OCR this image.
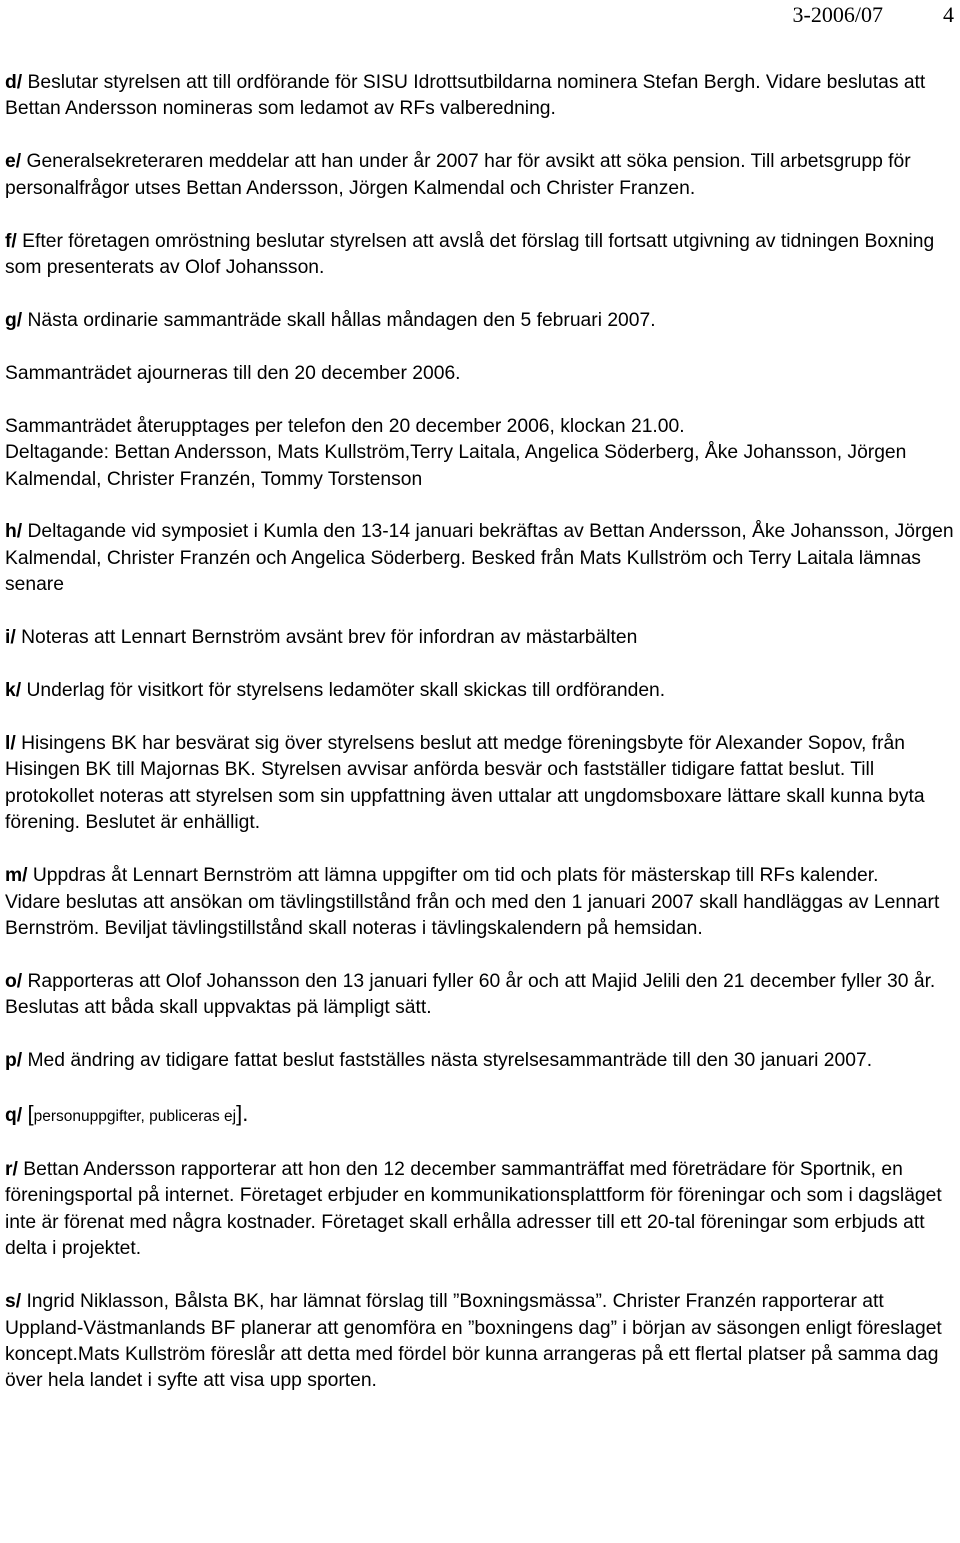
3-2006/07	4

d/ Beslutar styrelsen att till ordförande för SISU Idrottsutbildarna nominera Stefan Bergh. Vidare beslutas att Bettan Andersson nomineras som ledamot av RFs valberedning.

e/ Generalsekreteraren meddelar att han under år 2007 har för avsikt att söka pension. Till arbetsgrupp för personalfrågor utses Bettan Andersson, Jörgen Kalmendal och Christer Franzen.

f/ Efter företagen omröstning beslutar styrelsen att avslå det förslag till fortsatt utgivning av tidningen Boxning som presenterats av Olof Johansson.

g/ Nästa ordinarie sammanträde skall hållas måndagen den 5 februari 2007.

Sammanträdet ajourneras till den 20 december 2006.

Sammanträdet återupptages per telefon den 20 december 2006, klockan 21.00.

Deltagande: Bettan Andersson, Mats Kullström,Terry Laitala, Angelica Söderberg, Åke Johansson, Jörgen Kalmendal, Christer Franzén, Tommy Torstenson

h/ Deltagande vid symposiet i Kumla den 13-14 januari bekräftas av Bettan Andersson, Åke Johansson, Jörgen Kalmendal, Christer Franzén och Angelica Söderberg. Besked från Mats Kullström och Terry Laitala lämnas senare

i/ Noteras att Lennart Bernström avsänt brev för infordran av mästarbälten

k/ Underlag för visitkort för styrelsens ledamöter skall skickas till ordföranden.

l/ Hisingens BK har besvärat sig över styrelsens beslut att medge föreningsbyte för Alexander Sopov, från Hisingen BK till Majornas BK. Styrelsen avvisar anförda besvär och fastställer tidigare fattat beslut. Till protokollet noteras att styrelsen som sin uppfattning även uttalar att ungdomsboxare lättare skall kunna byta förening. Beslutet är enhälligt.

m/ Uppdras åt Lennart Bernström att lämna uppgifter om tid och plats för mästerskap till RFs kalender.

Vidare beslutas att ansökan om tävlingstillstånd från och med den 1 januari 2007 skall handläggas av Lennart Bernström. Beviljat tävlingstillstånd skall noteras i tävlingskalendern på hemsidan.

o/ Rapporteras att Olof Johansson den 13 januari fyller 60 år och att Majid Jelili den 21 december fyller 30 år. Beslutas att båda skall uppvaktas pä lämpligt sätt.

p/ Med ändring av tidigare fattat beslut fastställes nästa styrelsesammanträde till den 30 januari 2007.

q/ [personuppgifter, publiceras ej].

r/ Bettan Andersson rapporterar att hon den 12 december sammanträffat med företrädare för Sportnik, en föreningsportal på internet. Företaget erbjuder en kommunikationsplattform för föreningar och som i dagsläget inte är förenat med några kostnader. Företaget skall erhålla adresser till ett 20-tal föreningar som erbjuds att delta i projektet.

s/ Ingrid Niklasson, Bålsta BK, har lämnat förslag till ”Boxningsmässa”. Christer Franzén rapporterar att Uppland-Västmanlands BF planerar att genomföra en ”boxningens dag” i början av säsongen enligt föreslaget koncept.Mats Kullström föreslår att detta med fördel bör kunna arrangeras på ett flertal platser på samma dag över hela landet i syfte att visa upp sporten.
